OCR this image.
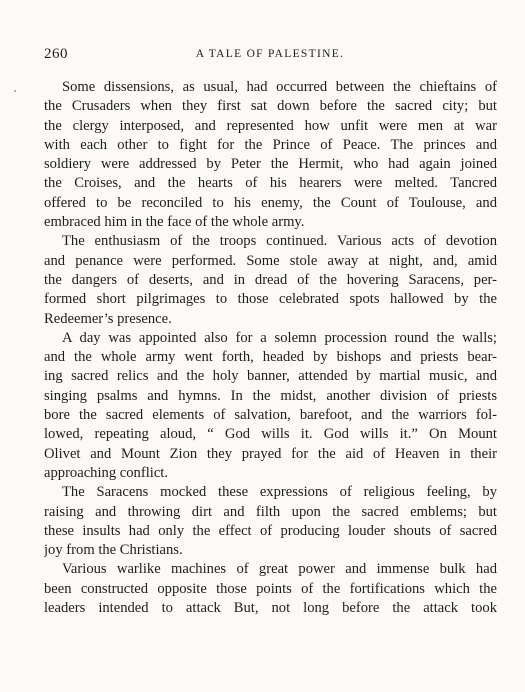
260	A TALE OF PALESTINE.
Some dissensions, as usual, had occurred between the chieftains of
the Crusaders when they first sat down before the sacred city; but
the clergy interposed, and represented how unfit were men at war
with each other to fight for the Prince of Peace. The princes and
soldiery were addressed by Peter the Hermit, who had again joined
the Croises, and the hearts of his hearers were melted. Tancred
offered to be reconciled to his enemy, the Count of Toulouse, and
embraced him in the face of the whole army.
The enthusiasm of the troops continued. Various acts of devotion
and penance were performed. Some stole away at night, and, amid
the dangers of deserts, and in dread of the hovering Saracens, per-
formed short pilgrimages to those celebrated spots hallowed by the
Redeemer’s presence.
A day was appointed also for a solemn procession round the walls;
and the whole army went forth, headed by bishops and priests bear-
ing sacred relics and the holy banner, attended by martial music, and
singing psalms and hymns. In the midst, another division of priests
bore the sacred elements of salvation, barefoot, and the warriors fol-
lowed, repeating aloud, “ God wills it. God wills it.” On Mount
Olivet and Mount Zion they prayed for the aid of Heaven in their
approaching conflict.
The Saracens mocked these expressions of religious feeling, by
raising and throwing dirt and filth upon the sacred emblems; but
these insults had only the effect of producing louder shouts of sacred
joy from the Christians.
Various warlike machines of great power and immense bulk had
been constructed opposite those points of the fortifications which the
leaders intended to attack But, not long before the attack took
